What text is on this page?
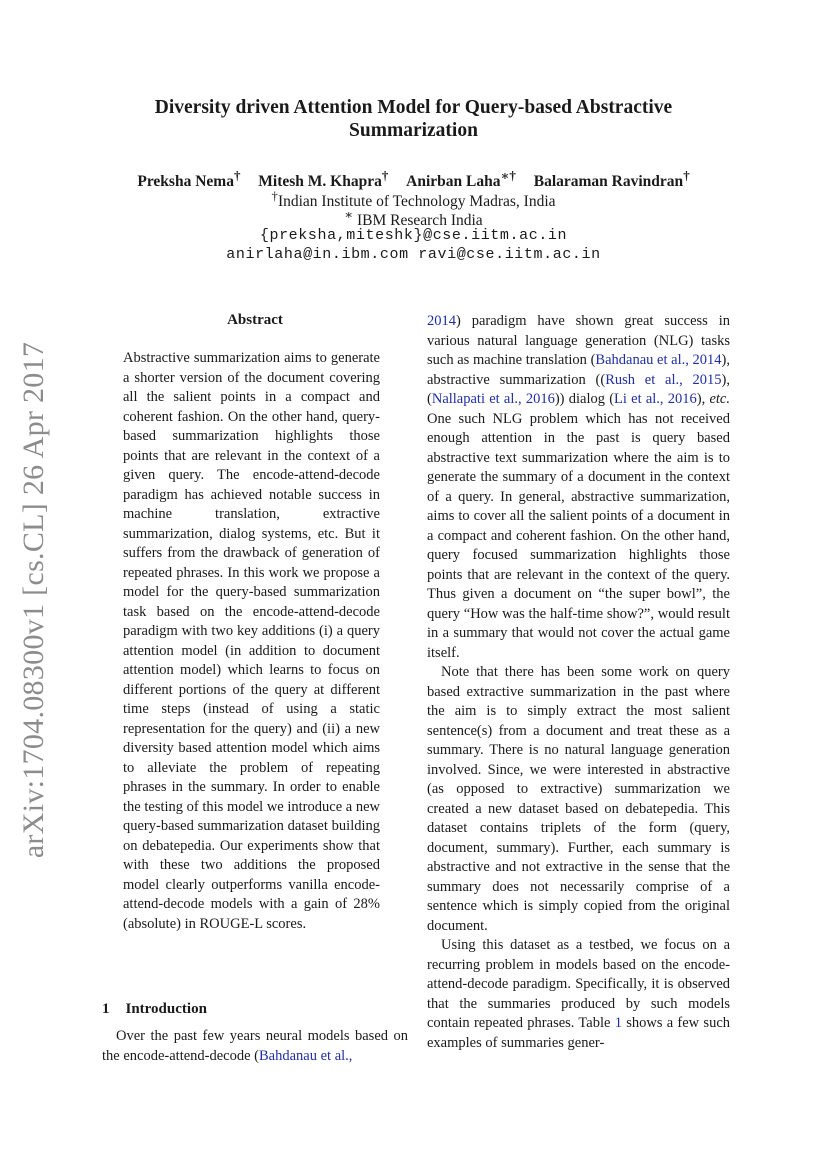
arXiv:1704.08300v1 [cs.CL] 26 Apr 2017
Diversity driven Attention Model for Query-based Abstractive
Summarization
Preksha Nema† Mitesh M. Khapra† Anirban Laha∗† Balaraman Ravindran†
†Indian Institute of Technology Madras, India
∗ IBM Research India
{preksha,miteshk}@cse.iitm.ac.in
anirlaha@in.ibm.com ravi@cse.iitm.ac.in
Abstract
Abstractive summarization aims to generate a shorter version of the document covering all the salient points in a compact and coherent fashion. On the other hand, query-based summarization highlights those points that are relevant in the context of a given query. The encode-attend-decode paradigm has achieved notable success in machine translation, extractive summarization, dialog systems, etc. But it suffers from the drawback of generation of repeated phrases. In this work we propose a model for the query-based summarization task based on the encode-attend-decode paradigm with two key additions (i) a query attention model (in addition to document attention model) which learns to focus on different portions of the query at different time steps (instead of using a static representation for the query) and (ii) a new diversity based attention model which aims to alleviate the problem of repeating phrases in the summary. In order to enable the testing of this model we introduce a new query-based summarization dataset building on debatepedia. Our experiments show that with these two additions the proposed model clearly outperforms vanilla encode-attend-decode models with a gain of 28% (absolute) in ROUGE-L scores.
1 Introduction

Over the past few years neural models based on the encode-attend-decode (Bahdanau et al.,

2014) paradigm have shown great success in various natural language generation (NLG) tasks such as machine translation (Bahdanau et al., 2014), abstractive summarization ((Rush et al., 2015),(Nallapati et al., 2016)) dialog (Li et al., 2016), etc. One such NLG problem which has not received enough attention in the past is query based abstractive text summarization where the aim is to generate the summary of a document in the context of a query. In general, abstractive summarization, aims to cover all the salient points of a document in a compact and coherent fashion. On the other hand, query focused summarization highlights those points that are relevant in the context of the query. Thus given a document on “the super bowl”, the query “How was the half-time show?”, would result in a summary that would not cover the actual game itself.

Note that there has been some work on query based extractive summarization in the past where the aim is to simply extract the most salient sentence(s) from a document and treat these as a summary. There is no natural language generation involved. Since, we were interested in abstractive (as opposed to extractive) summarization we created a new dataset based on debatepedia. This dataset contains triplets of the form (query, document, summary). Further, each summary is abstractive and not extractive in the sense that the summary does not necessarily comprise of a sentence which is simply copied from the original document.

Using this dataset as a testbed, we focus on a recurring problem in models based on the encode-attend-decode paradigm. Specifically, it is observed that the summaries produced by such models contain repeated phrases. Table 1 shows a few such examples of summaries gener-
